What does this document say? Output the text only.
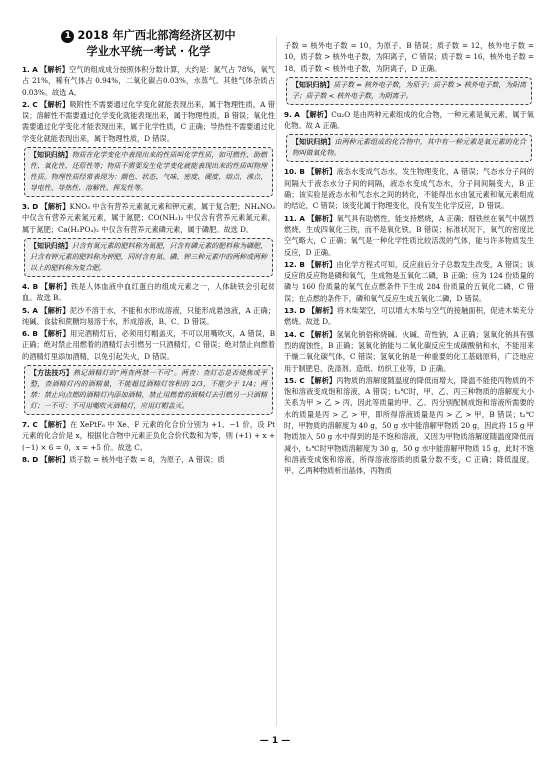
1 2018 年广西北部湾经济区初中
学业水平统一考试 · 化学

1. A 【解析】空气的组成成分按照体积分数计算，大约是：氮气占 78%，氧气占 21%，稀有气体占 0.94%，二氧化碳占0.03%，水蒸气、其他气体杂质占 0.03%。故选 A。

2. C 【解析】吸附性不需要通过化学变化就能表现出来，属于物理性质，A 错误；溶解性不需要通过化学变化就能表现出来，属于物理性质，B 错误；氧化性需要通过化学变化才能表现出来，属于化学性质，C 正确；导热性不需要通过化学变化就能表现出来，属于物理性质，D 错误。

【知识归纳】物质在化学变化中表现出来的性质叫化学性质，如可燃性、助燃性、氧化性、还原性等；物质不需要发生化学变化就能表现出来的性质叫物理性质。物理性质经常表现为：颜色、状态、气味、密度、硬度、熔点、沸点、导电性、导热性、溶解性、挥发性等。

3. D 【解析】KNO₃ 中含有营养元素氮元素和钾元素，属于复合肥；NH₄NO₃ 中仅含有营养元素氮元素，属于氮肥；CO(NH₂)₂ 中仅含有营养元素氮元素，属于氮肥；Ca(H₂PO₄)₂ 中仅含有营养元素磷元素，属于磷肥。故选 D。

【知识归纳】只含有氮元素的肥料称为氮肥，只含有磷元素的肥料称为磷肥，只含有钾元素的肥料称为钾肥，同时含有氮、磷、钾三种元素中的两种或两种以上的肥料称为复合肥。

4. B 【解析】铁是人体血液中血红蛋白的组成元素之一，人体缺铁会引起贫血。故选 B。

5. A 【解析】泥沙不溶于水，不能和水形成溶液，只能形成悬浊液，A 正确；纯碱、食盐和蔗糖均易溶于水，形成溶液，B、C、D 错误。

6. B 【解析】用完酒精灯后，必须用灯帽盖灭，不可以用嘴吹灭，A 错误，B 正确；绝对禁止用燃着的酒精灯去引燃另一只酒精灯，C 错误；绝对禁止向燃着的酒精灯里添加酒精，以免引起失火，D 错误。

【方法技巧】熟记酒精灯的“两查两禁一不可”。两查：查灯芯是否烧焦或平整，查酒精灯内的酒精量，不能超过酒精灯容积的 2/3，不能少于 1/4；两禁：禁止向点燃的酒精灯内添加酒精，禁止用燃着的酒精灯去引燃另一只酒精灯；一不可：不可用嘴吹灭酒精灯，应用灯帽盖灭。

7. C 【解析】在 XePtF₆ 中 Xe、F 元素的化合价分别为 +1、−1 价，设 Pt 元素的化合价是 x，根据化合物中元素正负化合价代数和为零，则 (+1) + x + (−1) × 6 = 0，x = +5 价。故选 C。

8. D 【解析】质子数 = 核外电子数 = 8，为原子，A 错误；质

子数 = 核外电子数 = 10，为原子，B 错误；质子数 = 12，核外电子数 = 10，质子数 > 核外电子数，为阳离子，C 错误；质子数 = 16，核外电子数 = 18，质子数 < 核外电子数，为阴离子，D 正确。

【知识归纳】质子数 = 核外电子数，为原子；质子数 > 核外电子数，为阳离子；质子数 < 核外电子数，为阴离子。

9. A 【解析】Cu₂O 是由两种元素组成的化合物，一种元素是氧元素，属于氧化物。故 A 正确。

【知识归纳】由两种元素组成的化合物中，其中有一种元素是氧元素的化合物叫做氧化物。

10. B 【解析】液态水变成气态水，发生物理变化，A 错误；气态水分子间的间隔大于液态水分子间的间隔，液态水变成气态水，分子间间隔变大，B 正确；该实验是液态水和气态水之间的转化，不能得出水由氢元素和氧元素组成的结论，C 错误；该变化属于物理变化，没有发生化学反应，D 错误。

11. A 【解析】氧气具有助燃性，能支持燃烧，A 正确；细铁丝在氧气中剧烈燃烧，生成四氧化三铁，而不是氧化铁，B 错误；标准状况下，氧气的密度比空气略大，C 正确；氧气是一种化学性质比较活泼的气体，能与许多物质发生反应，D 正确。

12. B 【解析】由化学方程式可知，反应前后分子总数发生改变，A 错误；该反应的反应物是磷和氧气，生成物是五氧化二磷，B 正确；应为 124 份质量的磷与 160 份质量的氧气在点燃条件下生成 284 份质量的五氧化二磷，C 错误；在点燃的条件下，磷和氧气反应生成五氧化二磷，D 错误。

13. D 【解析】将木柴架空，可以增大木柴与空气的接触面积，促进木柴充分燃烧。故选 D。

14. C 【解析】氢氧化钠俗称烧碱、火碱、苛性钠，A 正确；氢氧化钠具有强烈的腐蚀性，B 正确；氢氧化钠能与二氧化碳反应生成碳酸钠和水，不能用来干燥二氧化碳气体，C 错误；氢氧化钠是一种重要的化工基础原料，广泛地应用于制肥皂、洗涤剂、造纸、纺织工业等，D 正确。

15. C 【解析】丙物质的溶解度随温度的降低而增大，降温不能使丙物质的不饱和溶液变成饱和溶液，A 错误；t₂℃时，甲、乙、丙三种物质的溶解度大小关系为甲 > 乙 > 丙，因此等质量的甲、乙、丙分别配制成饱和溶液所需要的水的质量是丙 > 乙 > 甲，即所得溶液质量是丙 > 乙 > 甲，B 错误；t₂℃时，甲物质的溶解度为 40 g，50 g 水中能溶解甲物质 20 g，因此将 15 g 甲物质加入 50 g 水中得到的是不饱和溶液，又因为甲物质溶解度随温度降低而减小，t₁℃时甲物质溶解度为 30 g，50 g 水中能溶解甲物质 15 g，此时不饱和溶液变成饱和溶液，所得溶液溶质的质量分数不变，C 正确；降低温度，甲、乙两种物质析出晶体，丙物质

— 1 —
